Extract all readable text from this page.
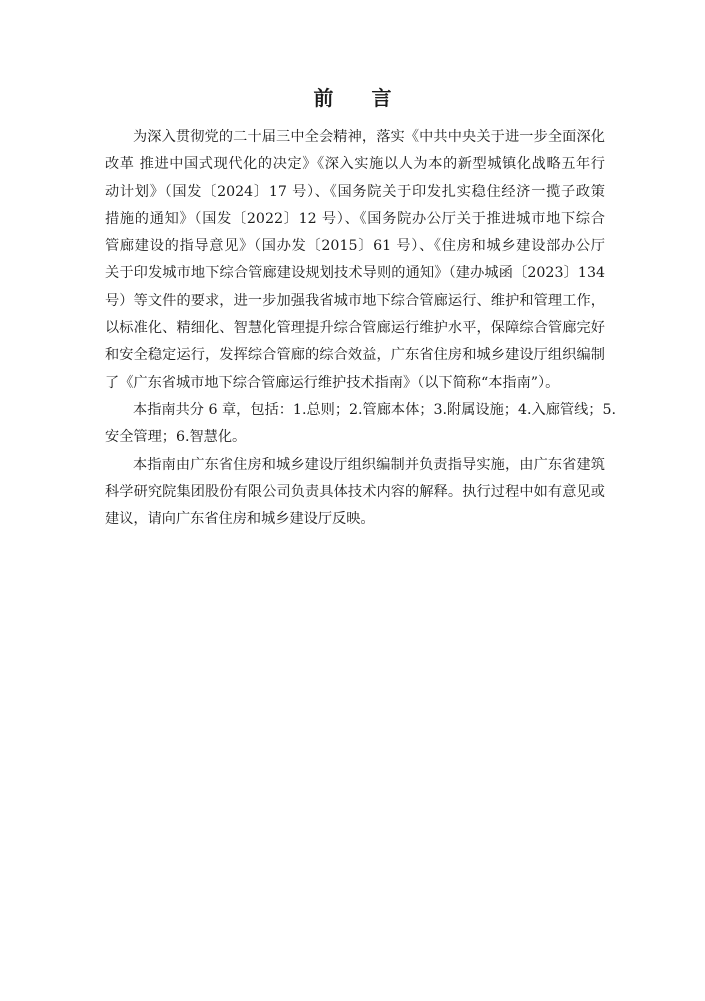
前 言
为深入贯彻党的二十届三中全会精神，落实《中共中央关于进一步全面深化
改革 推进中国式现代化的决定》《深入实施以人为本的新型城镇化战略五年行
动计划》（国发〔2024〕17 号）、《国务院关于印发扎实稳住经济一揽子政策
措施的通知》（国发〔2022〕12 号）、《国务院办公厅关于推进城市地下综合
管廊建设的指导意见》（国办发〔2015〕61 号）、《住房和城乡建设部办公厅
关于印发城市地下综合管廊建设规划技术导则的通知》（建办城函〔2023〕134
号）等文件的要求，进一步加强我省城市地下综合管廊运行、维护和管理工作，
以标准化、精细化、智慧化管理提升综合管廊运行维护水平，保障综合管廊完好
和安全稳定运行，发挥综合管廊的综合效益，广东省住房和城乡建设厅组织编制
了《广东省城市地下综合管廊运行维护技术指南》（以下简称“本指南”）。
本指南共分 6 章，包括：1.总则；2.管廊本体；3.附属设施；4.入廊管线；5.
安全管理；6.智慧化。
本指南由广东省住房和城乡建设厅组织编制并负责指导实施，由广东省建筑
科学研究院集团股份有限公司负责具体技术内容的解释。执行过程中如有意见或
建议，请向广东省住房和城乡建设厅反映。
